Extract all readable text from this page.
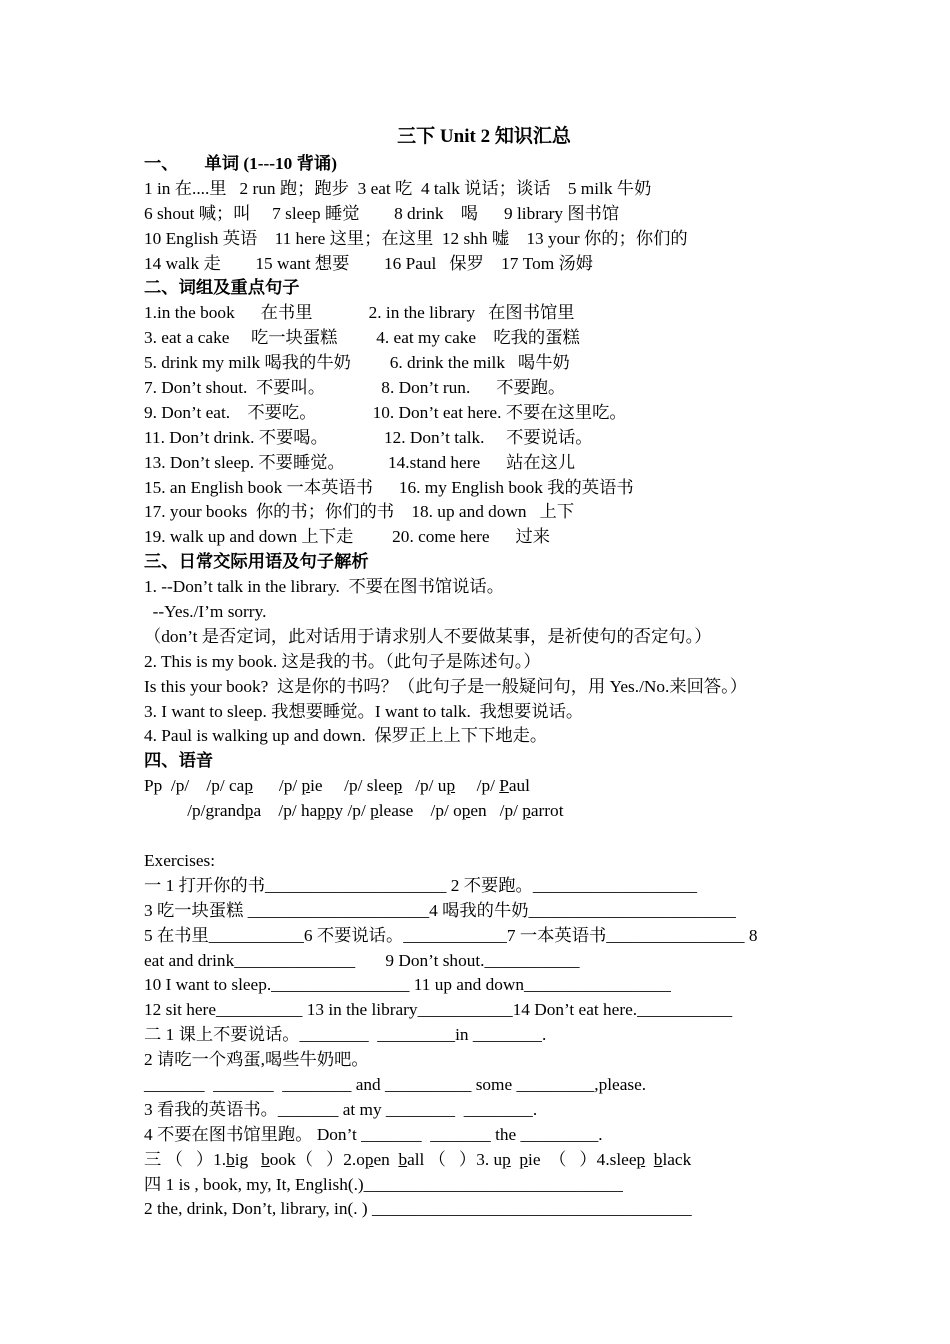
三下 Unit 2 知识汇总
一、      单词 (1---10 背诵)
1 in 在....里   2 run 跑；跑步  3 eat 吃  4 talk 说话；谈话    5 milk 牛奶
6 shout 喊；叫     7 sleep 睡觉        8 drink    喝      9 library 图书馆
10 English 英语    11 here 这里；在这里  12 shh 嘘    13 your 你的；你们的
14 walk 走        15 want 想要        16 Paul   保罗    17 Tom 汤姆
二、词组及重点句子
1.in the book      在书里             2. in the library   在图书馆里
3. eat a cake     吃一块蛋糕         4. eat my cake    吃我的蛋糕
5. drink my milk 喝我的牛奶         6. drink the milk   喝牛奶
7. Don’t shout.  不要叫。             8. Don’t run.      不要跑。
9. Don’t eat.    不要吃。             10. Don’t eat here. 不要在这里吃。
11. Don’t drink. 不要喝。             12. Don’t talk.     不要说话。
13. Don’t sleep. 不要睡觉。          14.stand here      站在这儿
15. an English book 一本英语书      16. my English book 我的英语书
17. your books  你的书；你们的书    18. up and down   上下
19. walk up and down 上下走         20. come here      过来
三、日常交际用语及句子解析
1. --Don’t talk in the library.  不要在图书馆说话。
--Yes./I’m sorry.
（don’t 是否定词，此对话用于请求别人不要做某事，是祈使句的否定句。）
2. This is my book. 这是我的书。（此句子是陈述句。）
Is this your book?  这是你的书吗？（此句子是一般疑问句，用 Yes./No.来回答。）
3. I want to sleep. 我想要睡觉。I want to talk.  我想要说话。
4. Paul is walking up and down.  保罗正上上下下地走。
四、语音
Pp  /p/    /p/ cap      /p/ pie     /p/ sleep   /p/ up     /p/ Paul
/p/grandpa    /p/ happy /p/ please    /p/ open   /p/ parrot
Exercises:
一 1 打开你的书_____________________ 2 不要跑。___________________
3 吃一块蛋糕 _____________________4 喝我的牛奶________________________
5 在书里___________6 不要说话。____________7 一本英语书________________ 8
eat and drink______________       9 Don’t shout.___________
10 I want to sleep.________________ 11 up and down_________________
12 sit here__________ 13 in the library___________14 Don’t eat here.___________
二 1 课上不要说话。________  _________in ________.
2 请吃一个鸡蛋,喝些牛奶吧。
_______  _______  ________ and __________ some _________,please.
3 看我的英语书。_______ at my ________  ________.
4 不要在图书馆里跑。 Don’t _______  _______ the _________.
三 （   ）1.big   book（   ）2.open  ball （   ）3. up pie  （   ）4.sleep black
四 1 is , book, my, It, English(.)______________________________
2 the, drink, Don’t, library, in(. ) _____________________________________
